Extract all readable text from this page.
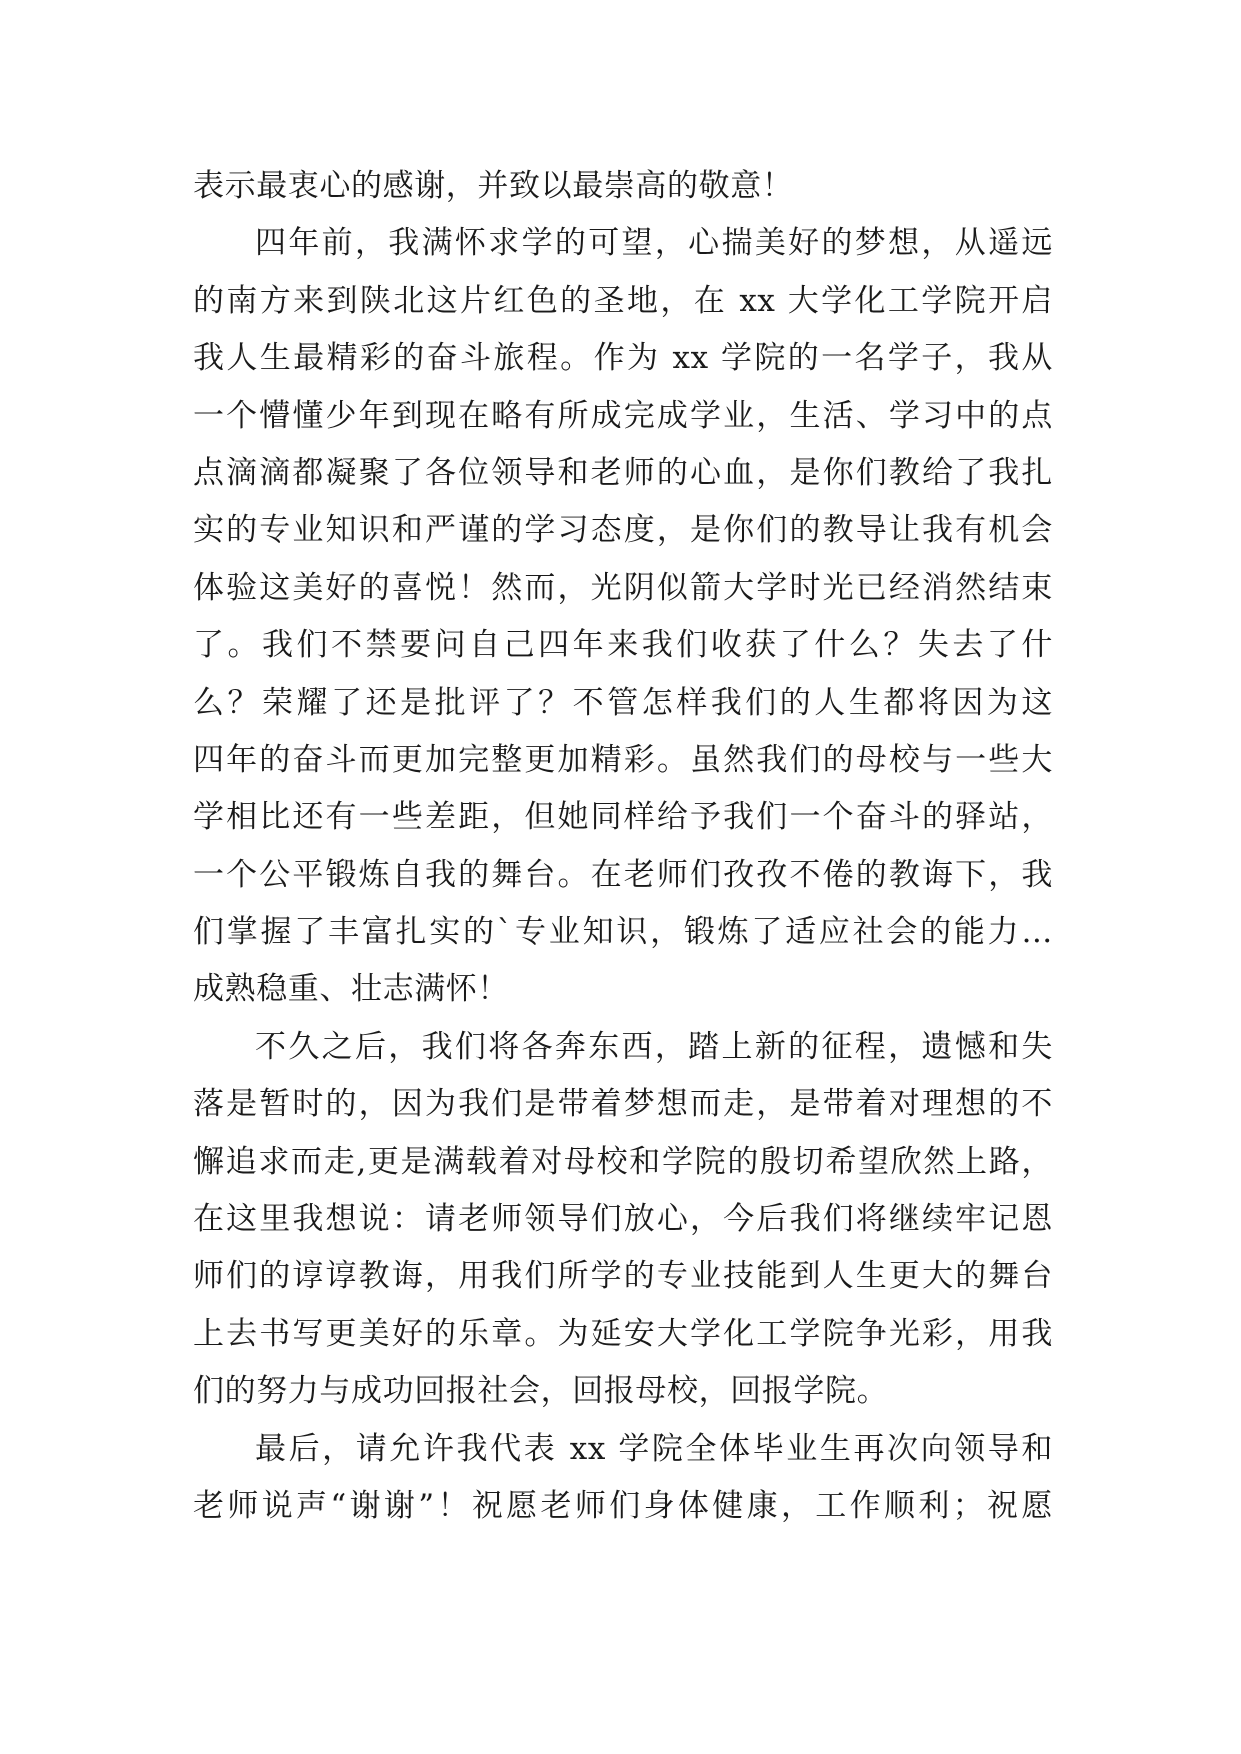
表示最衷心的感谢，并致以最崇高的敬意！
四年前，我满怀求学的可望，心揣美好的梦想，从遥远
的南方来到陕北这片红色的圣地，在 xx 大学化工学院开启
我人生最精彩的奋斗旅程。作为 xx 学院的一名学子，我从
一个懵懂少年到现在略有所成完成学业，生活、学习中的点
点滴滴都凝聚了各位领导和老师的心血，是你们教给了我扎
实的专业知识和严谨的学习态度，是你们的教导让我有机会
体验这美好的喜悦！然而，光阴似箭大学时光已经消然结束
了。我们不禁要问自己四年来我们收获了什么？失去了什
么？荣耀了还是批评了？不管怎样我们的人生都将因为这
四年的奋斗而更加完整更加精彩。虽然我们的母校与一些大
学相比还有一些差距，但她同样给予我们一个奋斗的驿站，
一个公平锻炼自我的舞台。在老师们孜孜不倦的教诲下，我
们掌握了丰富扎实的`专业知识，锻炼了适应社会的能力…
成熟稳重、壮志满怀！
不久之后，我们将各奔东西，踏上新的征程，遗憾和失
落是暂时的，因为我们是带着梦想而走，是带着对理想的不
懈追求而走,更是满载着对母校和学院的殷切希望欣然上路，
在这里我想说：请老师领导们放心，今后我们将继续牢记恩
师们的谆谆教诲，用我们所学的专业技能到人生更大的舞台
上去书写更美好的乐章。为延安大学化工学院争光彩，用我
们的努力与成功回报社会，回报母校，回报学院。
最后，请允许我代表 xx 学院全体毕业生再次向领导和
老师说声“谢谢”！祝愿老师们身体健康，工作顺利；祝愿
